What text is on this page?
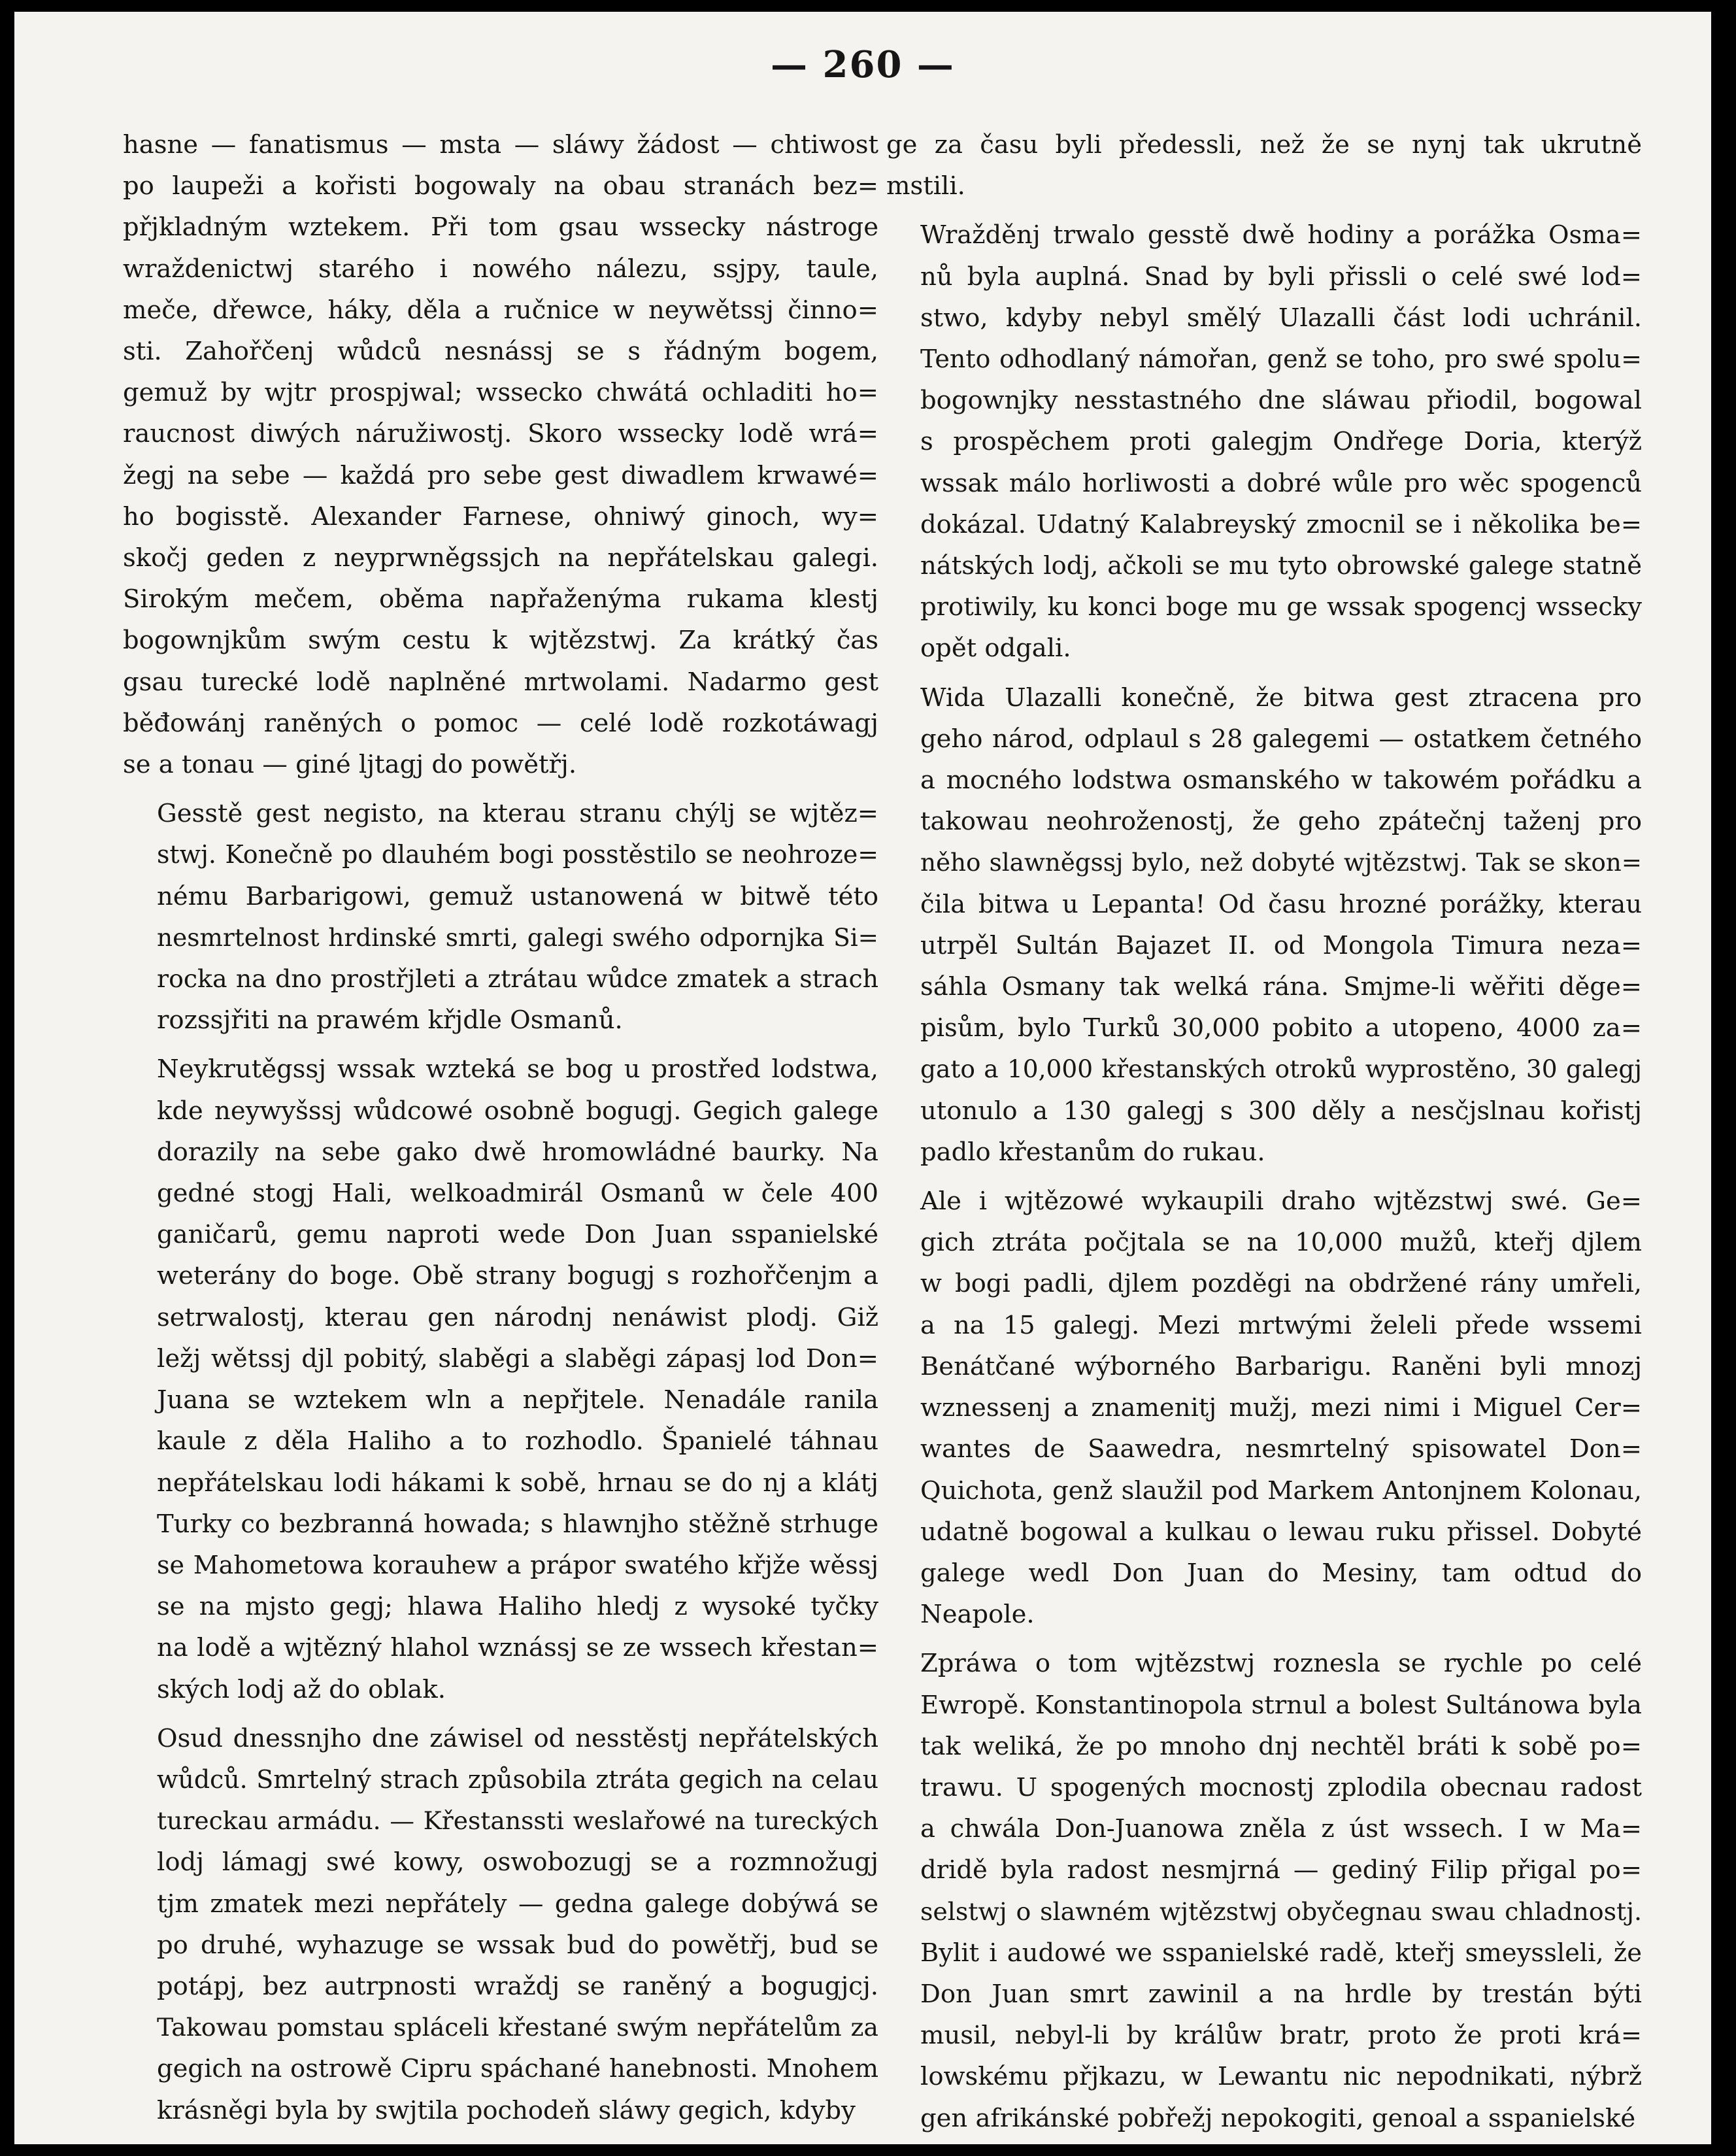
— 260 —

hasne — fanatismus — msta — sláwy žádost — chtiwost
po laupeži a kořisti bogowaly na obau stranách bez=
přjkladným wztekem. Při tom gsau wssecky nástroge
wraždenictwj starého i nowého nálezu, ssjpy, taule,
meče, dřewce, háky, děla a ručnice w neywětssj činno=
sti. Zahořčenj wůdců nesnássj se s řádným bogem,
gemuž by wjtr prospjwal; wsseckо chwátá ochladiti ho=
raucnost diwých náružiwostj. Skoro wssecky lodě wrá=
žegj na sebe — každá pro sebe gest diwadlem krwawé=
ho bogisstě. Alexander Farnese, ohniwý ginoch, wy=
skočj geden z neyprwněgssjch na nepřátelskau galegi.
Sirokým mečem, oběma napřaženýma rukama klestj
bogownjkům swým cestu k wjtězstwj. Za krátký čas
gsau turecké lodě naplněné mrtwolami. Nadarmo gest
běđowánj raněných o pomoc — celé lodě rozkotáwagj
se a tonau — giné ljtagj do powětřj.

Gesstě gest negisto, na kterau stranu chýlj se wjtěz=
stwj. Konečně po dlauhém bogi posstěstilo se neohroze=
nému Barbarigowi, gemuž ustanowená w bitwě této
nesmrtelnost hrdinské smrti, galegi swého odpornjka Si=
rocka na dno prostřjleti a ztrátau wůdce zmatek a strach
rozssjřiti na prawém křjdle Osmanů.

Neykrutěgssj wssak wzteká se bog u prostřed lodstwa,
kde neywyšssj wůdcowé osobně bogugj. Gegich galege
dorazily na sebe gako dwě hromowládné baurky. Na
gedné stogj Hali, welkoadmirál Osmanů w čele 400
ganičarů, gemu naproti wede Don Juan sspanielské
weterány do boge. Obě strany bogugj s rozhořčenjm a
setrwalostj, kterau gen národnj nenáwist plodj. Giž
ležj wětssj djl pobitý, slaběgi a slaběgi zápasj lod Don=
Juana se wztekem wln a nepřjtele. Nenadále ranila
kaule z děla Haliho a to rozhodlo. Španielé táhnau
nepřátelskau lodi hákami k sobě, hrnau se do nj a klátj
Turky co bezbranná howada; s hlawnjho stěžně strhuge
se Mahometowa korauhew a prápor swatého křjže wěssj
se na mjsto gegj; hlawa Haliho hledj z wysoké tyčky
na lodě a wjtězný hlahol wznássj se ze wssech křestan=
ských lodj až do oblak.

Osud dnessnjho dne záwisel od nesstěstj nepřátelských
wůdců. Smrtelný strach způsobila ztráta gegich na celau
tureckau armádu. — Křestanssti weslařowé na tureckých
lodj lámagj swé kowy, oswobozugj se a rozmnožugj
tjm zmatek mezi nepřátely — gedna galege dobýwá se
po druhé, wyhazuge se wssak bud do powětřj, bud se
potápj, bez autrpnosti wraždj se raněný a bogugjcj.
Takowau pomstau spláceli křestané swým nepřátelům za
gegich na ostrowě Cipru spáchané hanebnosti. Mnohem
krásněgi byla by swjtila pochodeň sláwy gegich, kdyby

ge za času byli předessli, než že se nynj tak ukrutně
mstili.

Wražděnj trwalo gesstě dwě hodiny a porážka Osma=
nů byla auplná. Snad by byli přissli o celé swé lod=
stwo, kdyby nebyl smělý Ulazalli část lodi uchránil.
Tento odhodlaný námořan, genž se toho, pro swé spolu=
bogownjky nesstastného dne sláwau přiodil, bogowal
s prospěchem proti galegjm Ondřege Doria, kterýž
wssak málo horliwosti a dobré wůle pro wěc spogenců
dokázal. Udatný Kalabreyský zmocnil se i několika be=
nátských lodj, ačkoli se mu tyto obrowské galege statně
protiwily, ku konci boge mu ge wssak spogencj wssecky
opět odgali.

Wida Ulazalli konečně, že bitwa gest ztracena pro
geho národ, odplaul s 28 galegemi — ostatkem četného
a mocného lodstwa osmanského w takowém pořádku a
takowau neohroženostj, že geho zpátečnj taženj pro
něho slawněgssj bylo, než dobyté wjtězstwj. Tak se skon=
čila bitwa u Lepanta! Od času hrozné porážky, kterau
utrpěl Sultán Bajazet II. od Mongola Timura neza=
sáhla Osmany tak welká rána. Smjme-li wěřiti děge=
pisům, bylo Turků 30,000 pobito a utopeno, 4000 za=
gato a 10,000 křestanských otroků wyprostěno, 30 galegj
utonulo a 130 galegj s 300 děly a nesčjslnau kořistj
padlo křestanům do rukau.

Ale i wjtězowé wykaupili draho wjtězstwj swé. Ge=
gich ztráta počjtala se na 10,000 mužů, kteřj djlem
w bogi padli, djlem pozděgi na obdržené rány umřeli,
a na 15 galegj. Mezi mrtwými želeli přede wssemi
Benátčané wýborného Barbarigu. Raněni byli mnozj
wznessenj a znamenitj mužj, mezi nimi i Miguel Cer=
wantes de Saawedra, nesmrtelný spisowatel Don=
Quichota, genž slaužil pod Markem Antonjnem Kolonau,
udatně bogowal a kulkau o lewau ruku přissel. Dobyté
galege wedl Don Juan do Mesiny, tam odtud do
Neapole.

Zpráwa o tom wjtězstwj roznesla se rychle po celé
Ewropě. Konstantinopola strnul a bolest Sultánowa byla
tak weliká, že po mnoho dnj nechtěl bráti k sobě po=
trawu. U spogených mocnostj zplodila obecnau radost
a chwála Don-Juanowa zněla z úst wssech. I w Ma=
dridě byla radost nesmjrná — gediný Filip přigal po=
selstwj o slawném wjtězstwj obyčegnau swau chladnostj.
Bylit i audowé we sspanielské radě, kteřj smeyssleli, že
Don Juan smrt zawinil a na hrdle by trestán býti
musil, nebyl-li by králůw bratr, proto že proti krá=
lowskému přjkazu, w Lewantu nic nepodnikati, nýbrž
gen afrikánské pobřežj nepokogiti, genoal a sspanielské
